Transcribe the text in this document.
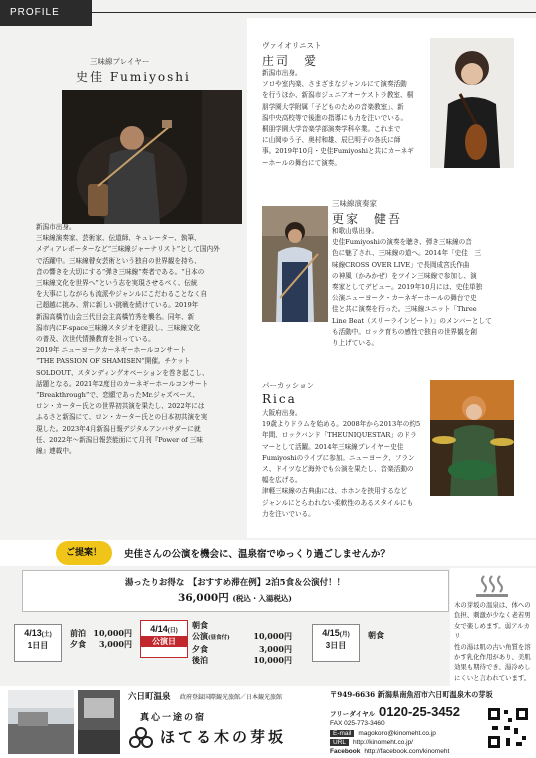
PROFILE
三味線プレイヤー
史佳 Fumiyoshi
新潟市出身。
三味線演奏家、芸術家、伝道師、キュレーター、執筆、
メディアレポーターなど“三味線ジャーナリスト”として国内外
で活躍中。三味線瞽女芸術という独自の世界観を持ち、
音の響きを大切にする“弾き三味線”奏者である。“日本の
三味線文化を世界へ”という志を実現させるべく、伝統
を大事にしながらも流派やジャンルにこだわることなく自
己超越に挑み、常に新しい挑戦を続けている。2019年
新潟高橋竹山会三代目会主高橋竹秀を襲名。同年、新
潟市内にF-space三味線スタジオを建設し、三味線文化
の普及、次世代情操教育を担っている。
2019年 ニューヨークカーネギーホールコンサート
“THE PASSION OF SHAMISEN”開催。チケット
SOLDOUT、スタンディングオベーションを巻き起こし、
話題となる。2021年2度目のカーネギーホールコンサート
“Breakthrough”で、恋願であったMr.ジャズベース、
ロン・カーター氏との世界初共演を果たし、2022年には
ふるさと新潟にて、ロン・カーター氏との日本初共演を実
現した。2023年4月新潟日報デジタルアンバサダーに就
任、2022年〜新潟日報芸能面にて月刊『Power of 三味
線』連載中。
ヴァイオリニスト
庄司　愛
新潟市出身。
ソロや室内楽、さまざまなジャンルにて演奏活動
を行うほか、新潟市ジュニアオーケストラ教室、桐
朋学園大学附属「子どものための音楽教室」、新
潟中央高校等で後進の指導にも力を注いでいる。
桐朋学園大学音楽学部演奏学科卒業。これまで
に山岡ゆう子、奥村和雄、辰巳明子の各氏に師
事。2019年10月・史佳Fumiyoshiと共にカーネギ
ーホールの舞台にて演奏。
三味線演奏家
更家　健吾
和歌山県出身。
史佳Fumiyoshiの演奏を聴き、弾き三味線の音
色に魅了され、三味線の道へ。2014年「史佳　三
味線CROSS OVER LIVE」で長岡成宮氏作曲
の神風（かみかぜ）をツイン三味線で参加し、演
奏家としてデビュー。2019年10月には、史佳単独
公演ニューヨーク・カーネギーホールの舞台で史
佳と共に演奏を行った。三味線ユニット「Three
Line Beat（スリーラインビート）」のメンバーとして
も活動中。ロック育ちの感性で独自の世界観を創
り上げている。
パーカッション
Rica
大阪府出身。
19歳よりドラムを始める。2008年から2013年の約5
年間、ロックバンド「THEUNIQUESTAR」のドラ
マーとして活躍。2014年三味線プレイヤー史佳
Fumiyoshiのライブに参加。ニューヨーク、フラン
ス、ドイツなど海外でも公演を果たし、音楽活動の
幅を広げる。
津軽三味線の古典曲には、ホホンを挟用するなど
ジャンルにとらわれない柔軟性のあるスタイルにも
力を注いでいる。
ご提案！	史佳さんの公演を機会に、温泉宿でゆっくり過ごしませんか？
湯ったりお得な　【おすすめ滞在例】2泊5食＆公演付！！
36,000円 (税込・入湯税込)
4/13(土)
1日目
前泊 10,000円
夕食 3,000円
4/14(日)
公演日
朝食
公演(昼食付)	10,000円
夕食	3,000円
後泊	10,000円
4/15(月)
3日目
朝食
木の芽坂の温泉は、体への
負担、刺激が少なく老若男
女で楽しめます。弱アルカリ
性の湯は肌の古い角質を溶
かす乳化作用があり、美肌
効果も期待でき、湯冷めし
にくいと言われています。
六日町温泉 政府登録国際観光旅館／日本観光旅館
真心一途の宿
ほてる木の芽坂
〒949-6636 新潟県南魚沼市六日町温泉木の芽坂
フリーダイヤル 0120-25-3452
FAX 025-773-3460
E-mail	magokoro@kinomeht.co.jp
URL	http://kinomeht.co.jp/
Facebook http://facebook.com/kinomeht
